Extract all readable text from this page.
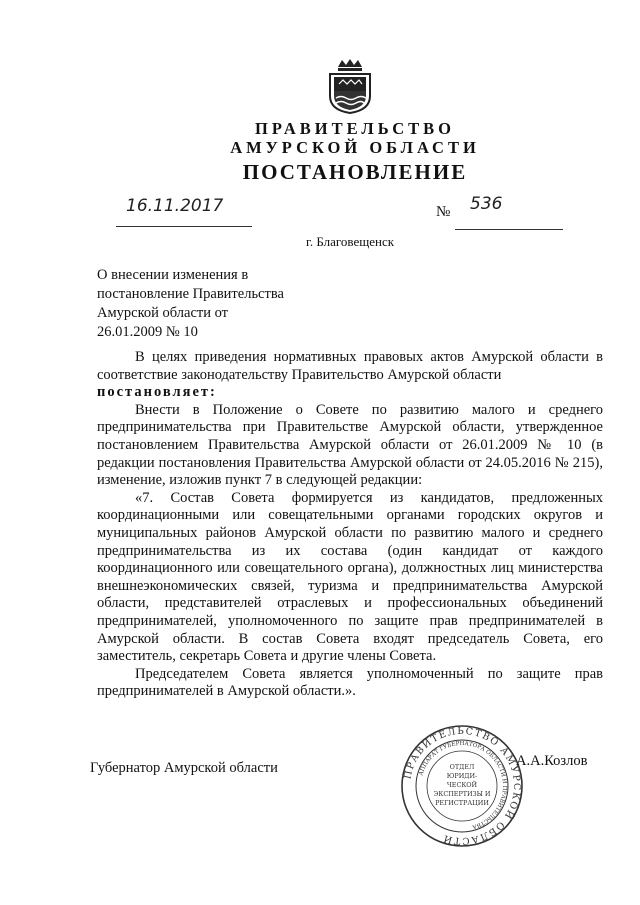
ПРАВИТЕЛЬСТВО
АМУРСКОЙ ОБЛАСТИ
ПОСТАНОВЛЕНИЕ
16.11.2017	№ 536
г. Благовещенск
О внесении изменения в
постановление Правительства
Амурской области от
26.01.2009 № 10

В целях приведения нормативных правовых актов Амурской области в соответствие законодательству Правительство Амурской области

постановляет:

Внести в Положение о Совете по развитию малого и среднего предпринимательства при Правительстве Амурской области, утвержденное постановлением Правительства Амурской области от 26.01.2009 № 10 (в редакции постановления Правительства Амурской области от 24.05.2016 № 215), изменение, изложив пункт 7 в следующей редакции:

«7. Состав Совета формируется из кандидатов, предложенных координационными или совещательными органами городских округов и муниципальных районов Амурской области по развитию малого и среднего предпринимательства из их состава (один кандидат от каждого координационного или совещательного органа), должностных лиц министерства внешнеэкономических связей, туризма и предпринимательства Амурской области, представителей отраслевых и профессиональных объединений предпринимателей, уполномоченного по защите прав предпринимателей в Амурской области. В состав Совета входят председатель Совета, его заместитель, секретарь Совета и другие члены Совета.

Председателем Совета является уполномоченный по защите прав предпринимателей в Амурской области.».

Губернатор Амурской области	ПРАВИТЕЛЬСТВО АМУРСКОЙ ОБЛАСТИ
АППАРАТ ГУБЕРНАТОРА ОБЛАСТИ И ПРАВИТЕЛЬСТВА
ОТДЕЛ
ЮРИДИ-
ЧЕСКОЙ
ЭКСПЕРТИЗЫ И
РЕГИСТРАЦИИ
А.А.Козлов
